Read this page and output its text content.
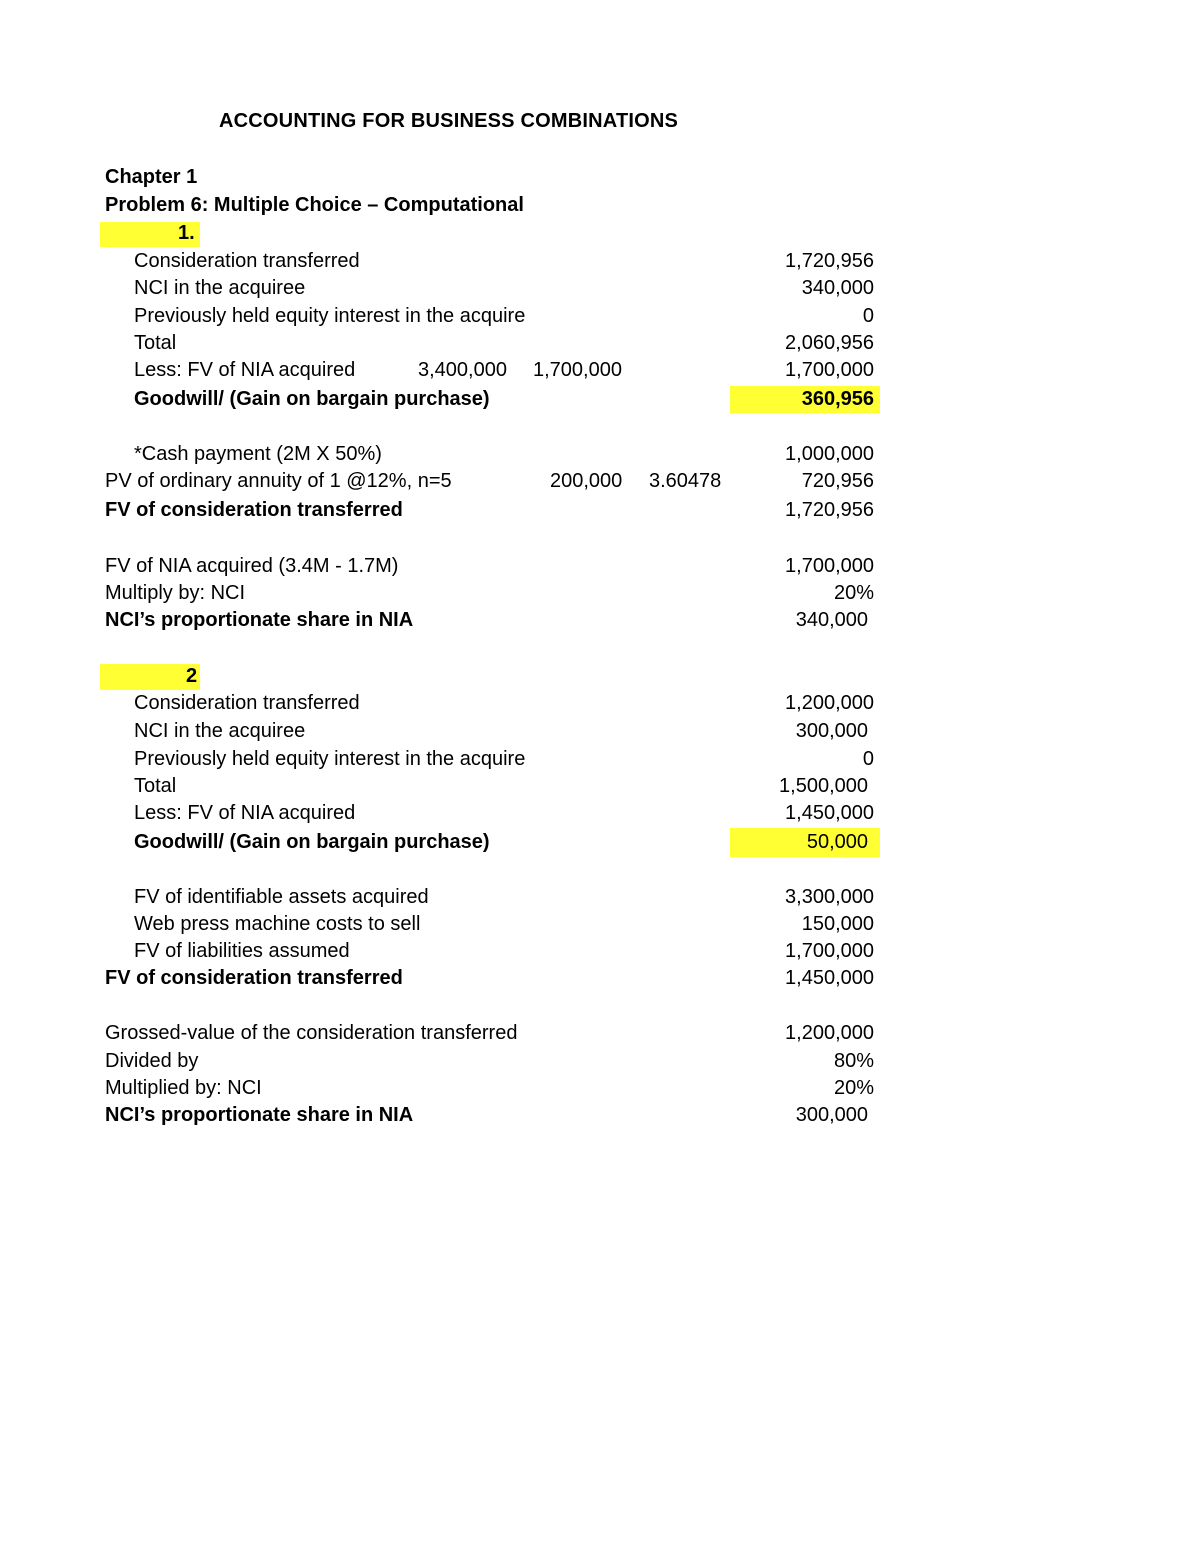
ACCOUNTING FOR BUSINESS COMBINATIONS
Chapter 1
Problem 6: Multiple Choice – Computational
1.
Consideration transferred	1,720,956
NCI in the acquiree	340,000
Previously held equity interest in the acquire	0
Total	2,060,956
Less: FV of NIA acquired	3,400,000 1,700,000	1,700,000
Goodwill/ (Gain on bargain purchase)	360,956
*Cash payment (2M X 50%)	1,000,000
PV of ordinary annuity of 1 @12%, n=5	200,000 3.60478	720,956
FV of consideration transferred	1,720,956
FV of NIA acquired (3.4M - 1.7M)	1,700,000
Multiply by: NCI	20%
NCI’s proportionate share in NIA	340,000
2
Consideration transferred	1,200,000
NCI in the acquiree	300,000
Previously held equity interest in the acquire	0
Total	1,500,000
Less: FV of NIA acquired	1,450,000
Goodwill/ (Gain on bargain purchase)	50,000
FV of identifiable assets acquired	3,300,000
Web press machine costs to sell	150,000
FV of liabilities assumed	1,700,000
FV of consideration transferred	1,450,000
Grossed-value of the consideration transferred	1,200,000
Divided by	80%
Multiplied by: NCI	20%
NCI’s proportionate share in NIA	300,000
